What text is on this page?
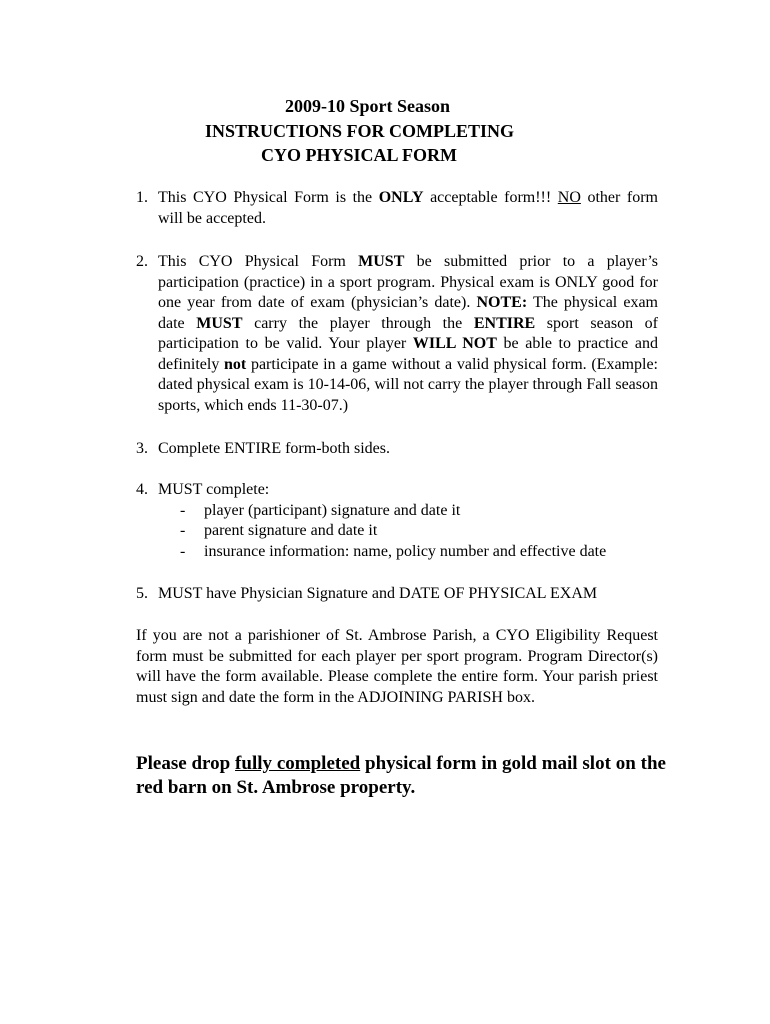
2009-10 Sport Season
INSTRUCTIONS FOR COMPLETING
CYO PHYSICAL FORM
1. This CYO Physical Form is the ONLY acceptable form!!! NO other form will be accepted.
2. This CYO Physical Form MUST be submitted prior to a player’s participation (practice) in a sport program. Physical exam is ONLY good for one year from date of exam (physician’s date). NOTE: The physical exam date MUST carry the player through the ENTIRE sport season of participation to be valid. Your player WILL NOT be able to practice and definitely not participate in a game without a valid physical form. (Example: dated physical exam is 10-14-06, will not carry the player through Fall season sports, which ends 11-30-07.)
3. Complete ENTIRE form-both sides.
4. MUST complete:
- player (participant) signature and date it
- parent signature and date it
- insurance information: name, policy number and effective date
5. MUST have Physician Signature and DATE OF PHYSICAL EXAM
If you are not a parishioner of St. Ambrose Parish, a CYO Eligibility Request form must be submitted for each player per sport program. Program Director(s) will have the form available. Please complete the entire form. Your parish priest must sign and date the form in the ADJOINING PARISH box.
Please drop fully completed physical form in gold mail slot on the red barn on St. Ambrose property.
